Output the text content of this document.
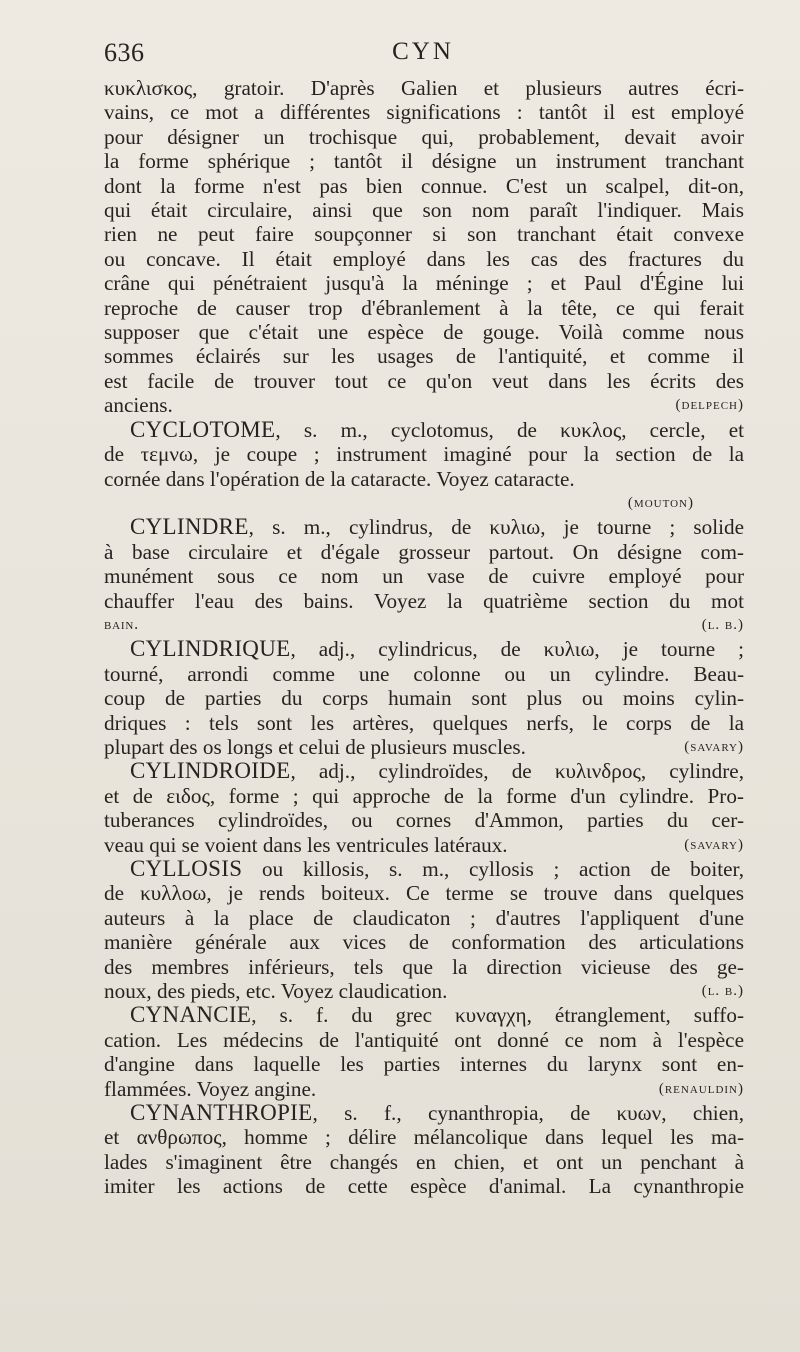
636	CYN
κυκλισκος, gratoir. D'après Galien et plusieurs autres écri-
vains, ce mot a différentes significations : tantôt il est employé
pour désigner un trochisque qui, probablement, devait avoir
la forme sphérique ; tantôt il désigne un instrument tranchant
dont la forme n'est pas bien connue. C'est un scalpel, dit-on,
qui était circulaire, ainsi que son nom paraît l'indiquer. Mais
rien ne peut faire soupçonner si son tranchant était convexe
ou concave. Il était employé dans les cas des fractures du
crâne qui pénétraient jusqu'à la méninge ; et Paul d'Égine lui
reproche de causer trop d'ébranlement à la tête, ce qui ferait
supposer que c'était une espèce de gouge. Voilà comme nous
sommes éclairés sur les usages de l'antiquité, et comme il
est facile de trouver tout ce qu'on veut dans les écrits des
anciens.	(delpech)
CYCLOTOME, s. m., cyclotomus, de κυκλος, cercle, et
de τεμνω, je coupe ; instrument imaginé pour la section de la
cornée dans l'opération de la cataracte. Voyez cataracte.
(mouton)
CYLINDRE, s. m., cylindrus, de κυλιω, je tourne ; solide
à base circulaire et d'égale grosseur partout. On désigne com-
munément sous ce nom un vase de cuivre employé pour
chauffer l'eau des bains. Voyez la quatrième section du mot
bain.	(l. b.)
CYLINDRIQUE, adj., cylindricus, de κυλιω, je tourne ;
tourné, arrondi comme une colonne ou un cylindre. Beau-
coup de parties du corps humain sont plus ou moins cylin-
driques : tels sont les artères, quelques nerfs, le corps de la
plupart des os longs et celui de plusieurs muscles.	(savary)
CYLINDROIDE, adj., cylindroïdes, de κυλινδρος, cylindre,
et de ειδος, forme ; qui approche de la forme d'un cylindre. Pro-
tuberances cylindroïdes, ou cornes d'Ammon, parties du cer-
veau qui se voient dans les ventricules latéraux.	(savary)
CYLLOSIS ou killosis, s. m., cyllosis ; action de boiter,
de κυλλοω, je rends boiteux. Ce terme se trouve dans quelques
auteurs à la place de claudicaton ; d'autres l'appliquent d'une
manière générale aux vices de conformation des articulations
des membres inférieurs, tels que la direction vicieuse des ge-
noux, des pieds, etc. Voyez claudication.	(l. b.)
CYNANCIE, s. f. du grec κυναγχη, étranglement, suffo-
cation. Les médecins de l'antiquité ont donné ce nom à l'espèce
d'angine dans laquelle les parties internes du larynx sont en-
flammées. Voyez angine.	(renauldin)
CYNANTHROPIE, s. f., cynanthropia, de κυων, chien,
et ανθρωπος, homme ; délire mélancolique dans lequel les ma-
lades s'imaginent être changés en chien, et ont un penchant à
imiter les actions de cette espèce d'animal. La cynanthropie
